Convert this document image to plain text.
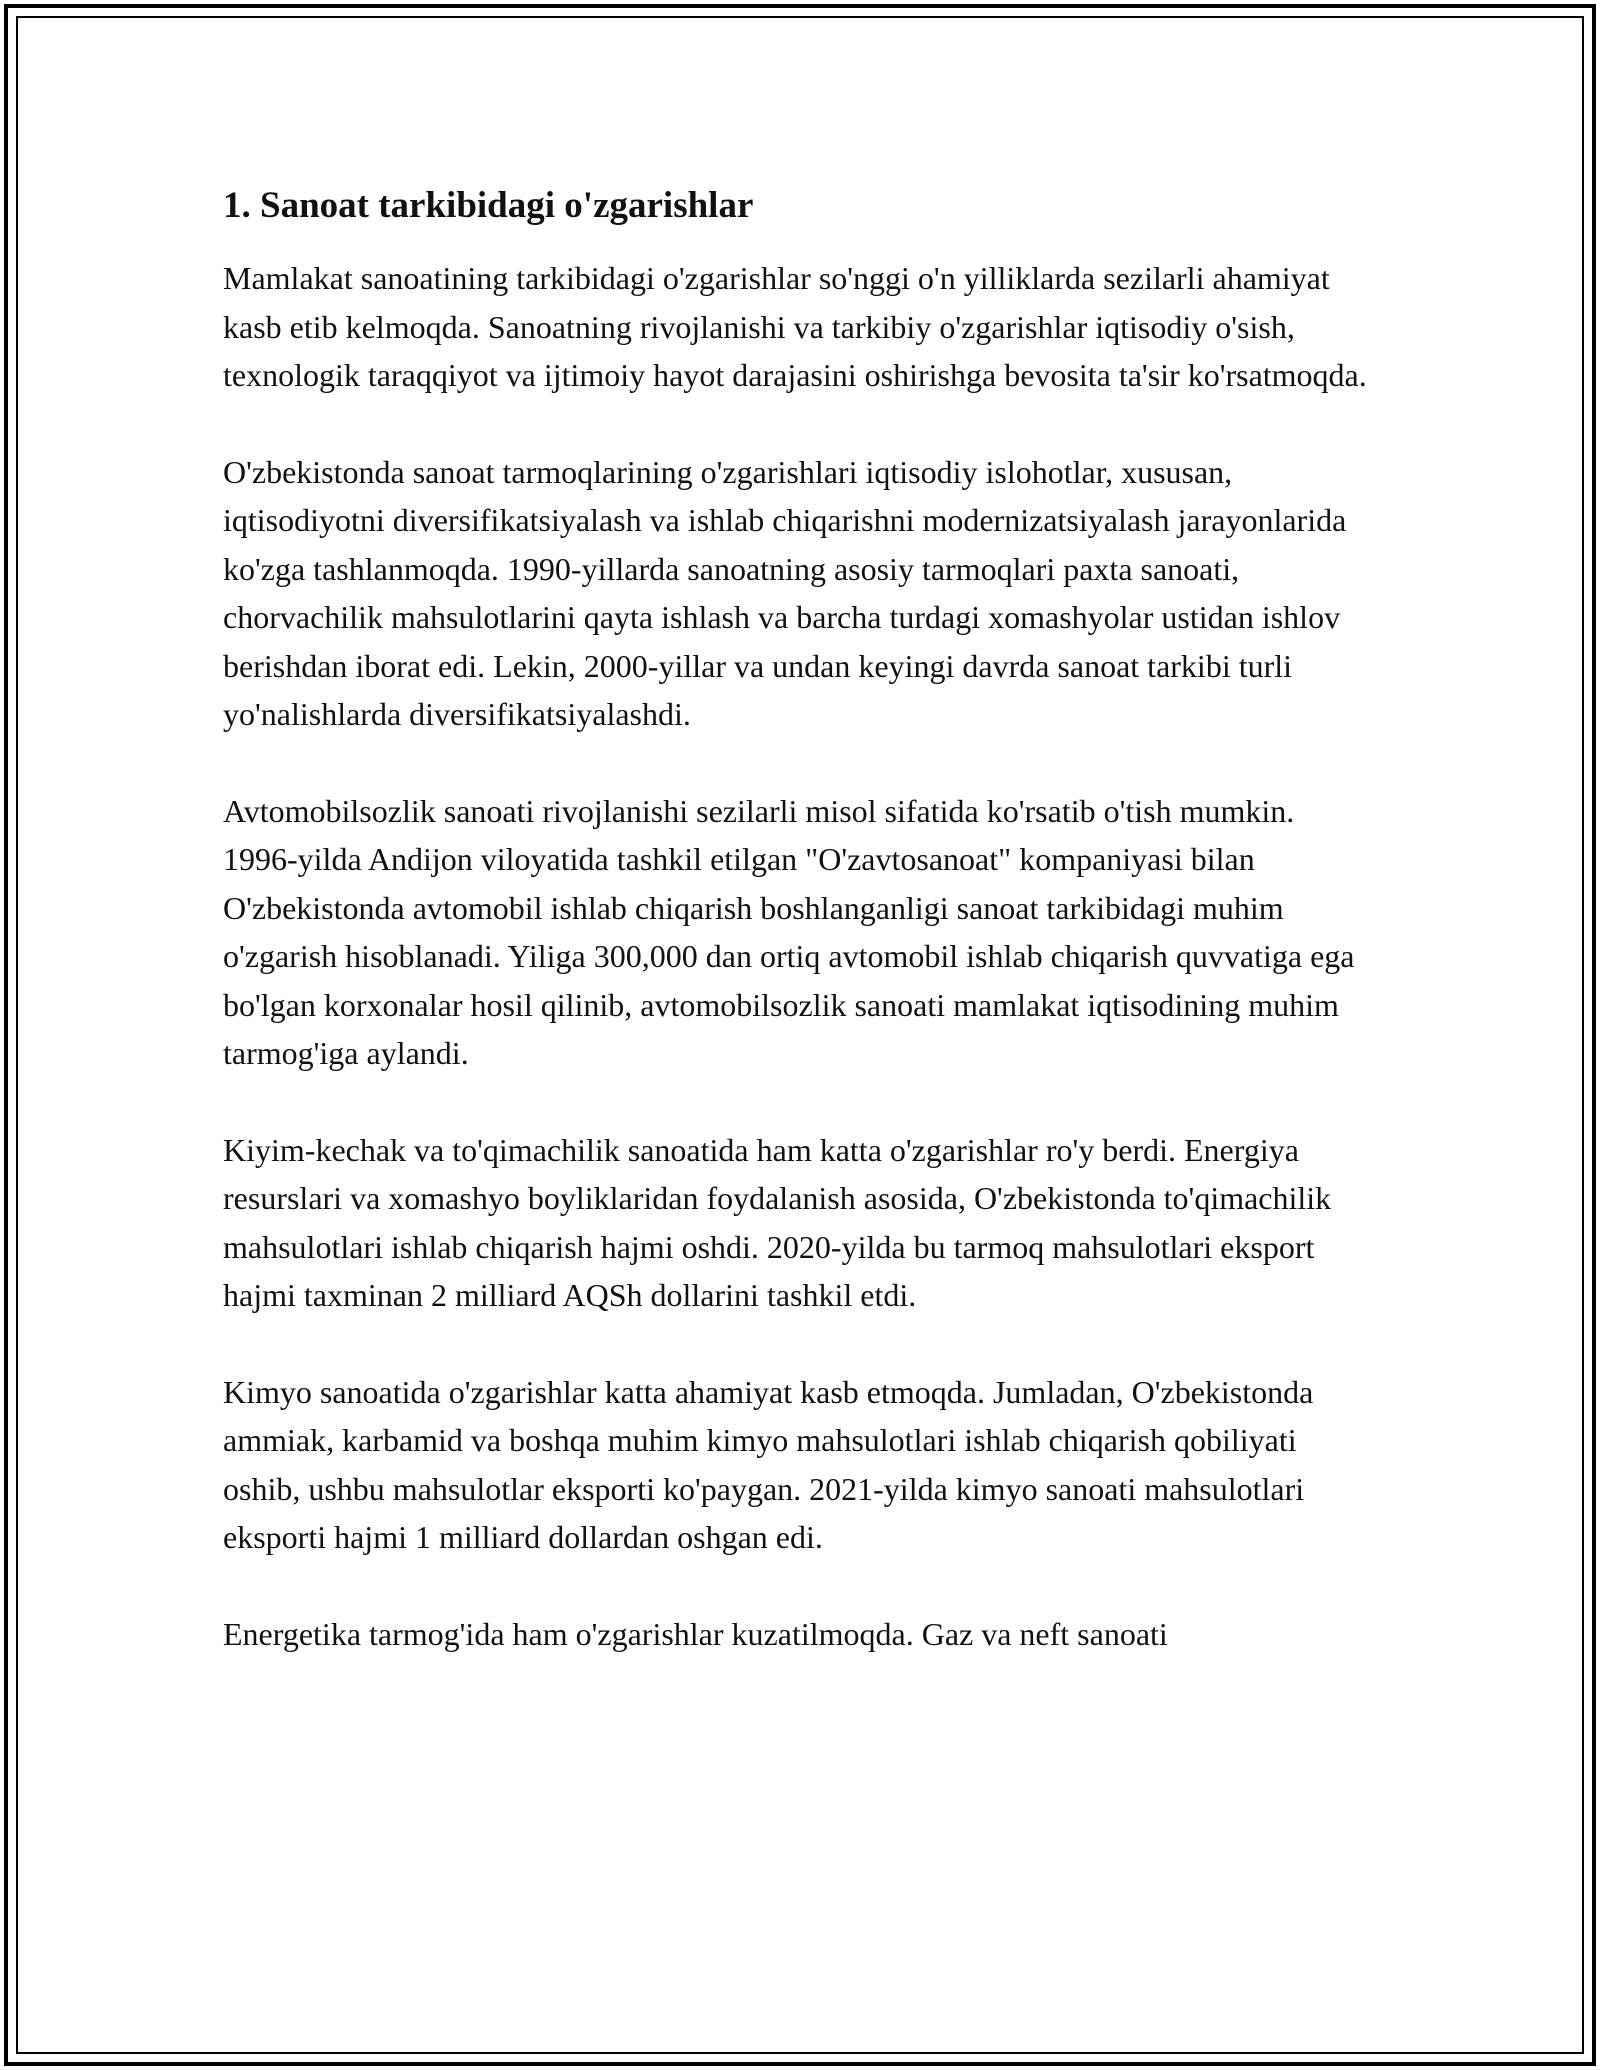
1. Sanoat tarkibidagi o'zgarishlar

Mamlakat sanoatining tarkibidagi o'zgarishlar so'nggi o'n yilliklarda sezilarli ahamiyat kasb etib kelmoqda. Sanoatning rivojlanishi va tarkibiy o'zgarishlar iqtisodiy o'sish, texnologik taraqqiyot va ijtimoiy hayot darajasini oshirishga bevosita ta'sir ko'rsatmoqda.

O'zbekistonda sanoat tarmoqlarining o'zgarishlari iqtisodiy islohotlar, xususan, iqtisodiyotni diversifikatsiyalash va ishlab chiqarishni modernizatsiyalash jarayonlarida ko'zga tashlanmoqda. 1990-yillarda sanoatning asosiy tarmoqlari paxta sanoati, chorvachilik mahsulotlarini qayta ishlash va barcha turdagi xomashyolar ustidan ishlov berishdan iborat edi. Lekin, 2000-yillar va undan keyingi davrda sanoat tarkibi turli yo'nalishlarda diversifikatsiyalashdi.

Avtomobilsozlik sanoati rivojlanishi sezilarli misol sifatida ko'rsatib o'tish mumkin. 1996-yilda Andijon viloyatida tashkil etilgan "O'zavtosanoat" kompaniyasi bilan O'zbekistonda avtomobil ishlab chiqarish boshlanganligi sanoat tarkibidagi muhim o'zgarish hisoblanadi. Yiliga 300,000 dan ortiq avtomobil ishlab chiqarish quvvatiga ega bo'lgan korxonalar hosil qilinib, avtomobilsozlik sanoati mamlakat iqtisodining muhim tarmog'iga aylandi.

Kiyim-kechak va to'qimachilik sanoatida ham katta o'zgarishlar ro'y berdi. Energiya resurslari va xomashyo boyliklaridan foydalanish asosida, O'zbekistonda to'qimachilik mahsulotlari ishlab chiqarish hajmi oshdi. 2020-yilda bu tarmoq mahsulotlari eksport hajmi taxminan 2 milliard AQSh dollarini tashkil etdi.

Kimyo sanoatida o'zgarishlar katta ahamiyat kasb etmoqda. Jumladan, O'zbekistonda ammiak, karbamid va boshqa muhim kimyo mahsulotlari ishlab chiqarish qobiliyati oshib, ushbu mahsulotlar eksporti ko'paygan. 2021-yilda kimyo sanoati mahsulotlari eksporti hajmi 1 milliard dollardan oshgan edi.

Energetika tarmog'ida ham o'zgarishlar kuzatilmoqda. Gaz va neft sanoati
